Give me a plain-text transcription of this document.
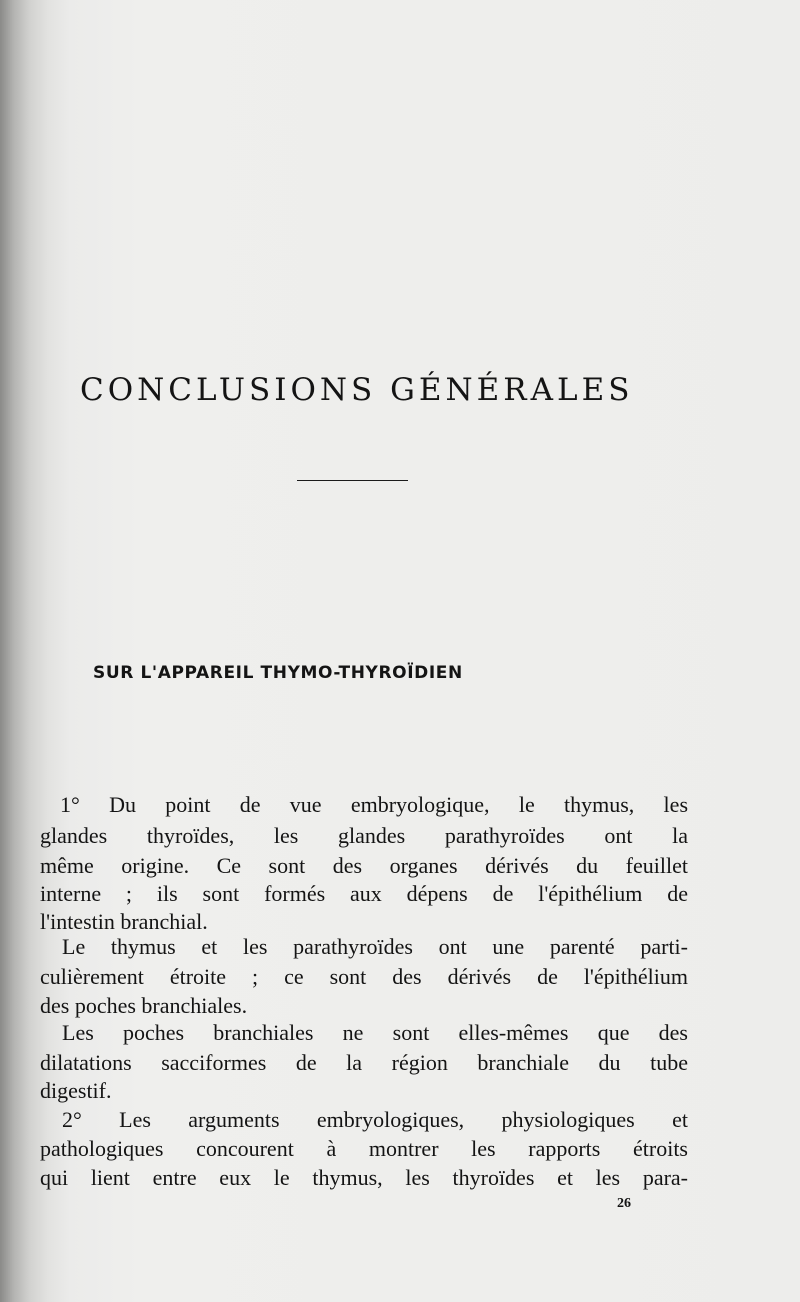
CONCLUSIONS GÉNÉRALES
SUR L'APPAREIL THYMO-THYROÏDIEN

1° Du point de vue embryologique, le thymus, les

glandes thyroïdes, les glandes parathyroïdes ont la

même origine. Ce sont des organes dérivés du feuillet

interne ; ils sont formés aux dépens de l'épithélium de

l'intestin branchial.

Le thymus et les parathyroïdes ont une parenté parti-

culièrement étroite ; ce sont des dérivés de l'épithélium

des poches branchiales.

Les poches branchiales ne sont elles-mêmes que des

dilatations sacciformes de la région branchiale du tube

digestif.

2° Les arguments embryologiques, physiologiques et

pathologiques concourent à montrer les rapports étroits

qui lient entre eux le thymus, les thyroïdes et les para-

26
